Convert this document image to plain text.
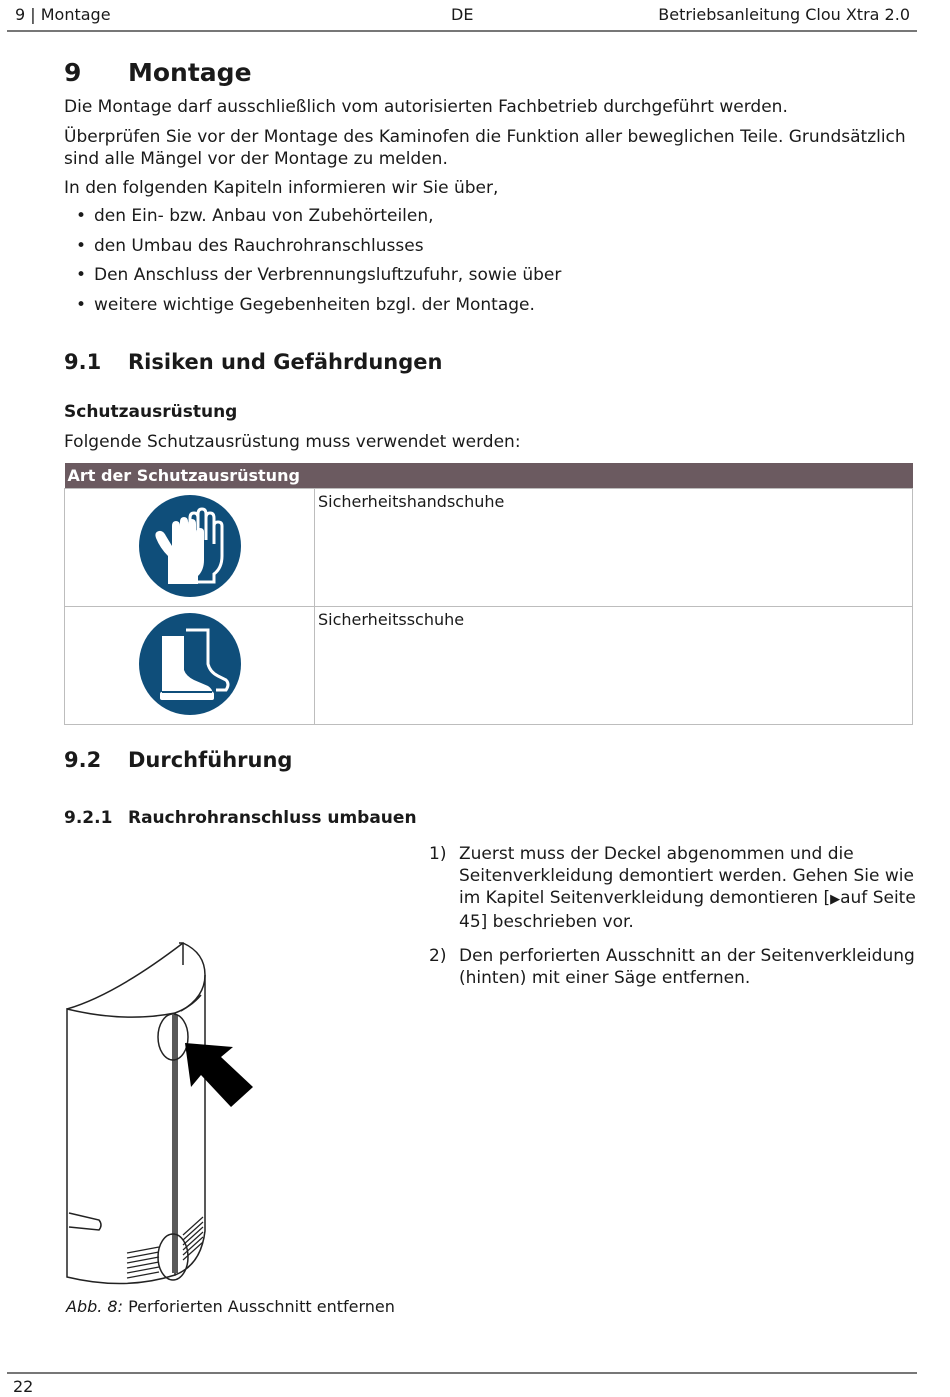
9 | Montage	DE	Betriebsanleitung Clou Xtra 2.0
9 Montage
Die Montage darf ausschließlich vom autorisierten Fachbetrieb durchgeführt werden.
Überprüfen Sie vor der Montage des Kaminofen die Funktion aller beweglichen Teile. Grundsätzlich sind alle Mängel vor der Montage zu melden.
In den folgenden Kapiteln informieren wir Sie über,
• den Ein- bzw. Anbau von Zubehörteilen,
• den Umbau des Rauchrohranschlusses
• Den Anschluss der Verbrennungsluftzufuhr, sowie über
• weitere wichtige Gegebenheiten bzgl. der Montage.
9.1 Risiken und Gefährdungen
Schutzausrüstung
Folgende Schutzausrüstung muss verwendet werden:
Art der Schutzausrüstung	
	Sicherheitshandschuhe
	Sicherheitsschuhe
9.2 Durchführung
9.2.1 Rauchrohranschluss umbauen
1) Zuerst muss der Deckel abgenommen und die Seitenverkleidung demontiert werden. Gehen Sie wie im Kapitel Seitenverkleidung demontieren [▶auf Seite 45] beschrieben vor.
2) Den perforierten Ausschnitt an der Seitenverkleidung (hinten) mit einer Säge entfernen.
Abb. 8: Perforierten Ausschnitt entfernen
22
